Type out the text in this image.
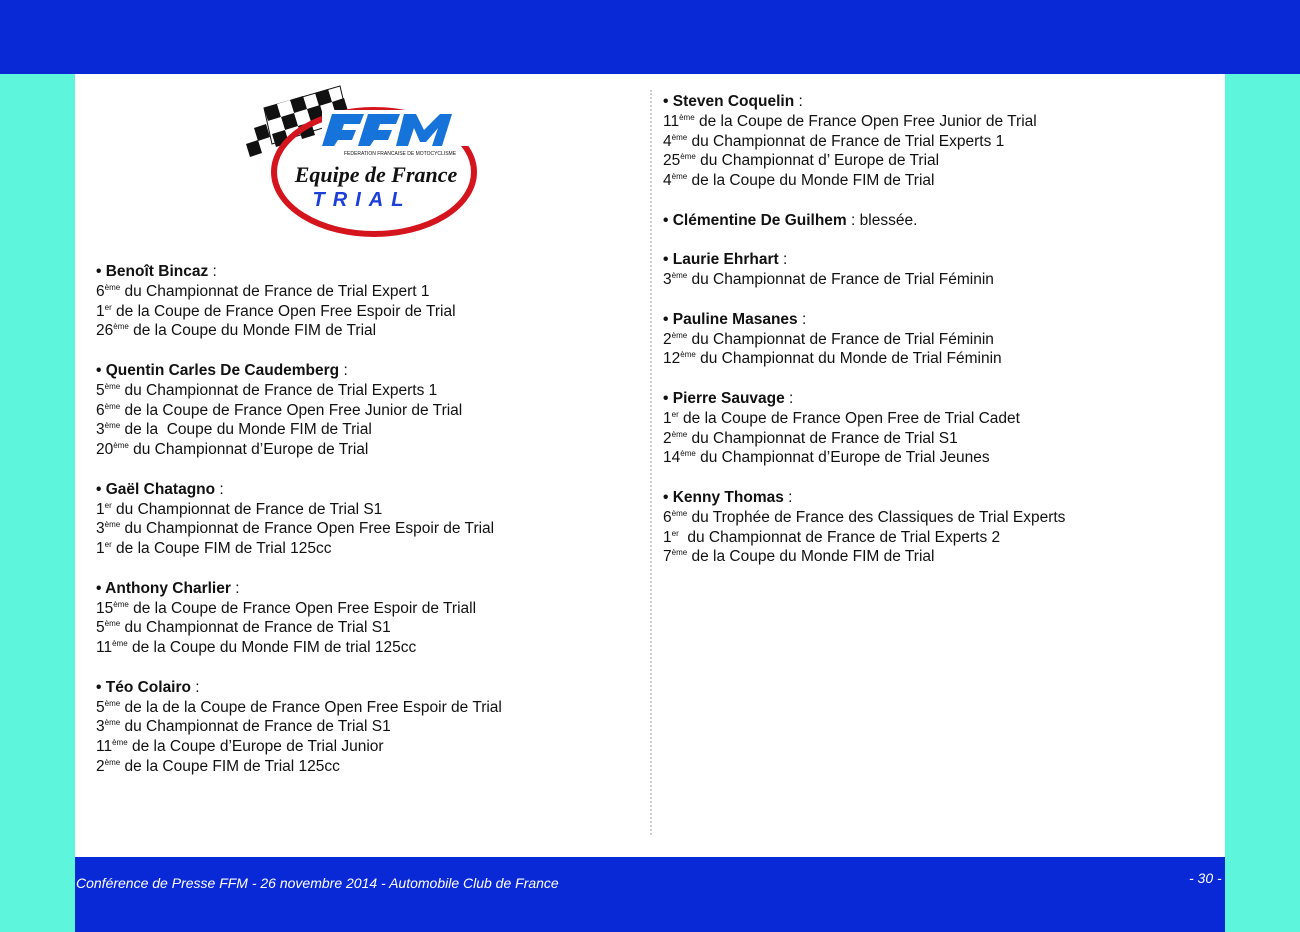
FEDERATION FRANCAISE DE MOTOCYCLISME
Equipe de France
TRIAL
• Benoît Bincaz :
6ème du Championnat de France de Trial Expert 1
1er de la Coupe de France Open Free Espoir de Trial
26ème de la Coupe du Monde FIM de Trial
• Quentin Carles De Caudemberg :
5ème du Championnat de France de Trial Experts 1
6ème de la Coupe de France Open Free Junior de Trial
3ème de la  Coupe du Monde FIM de Trial
20ème du Championnat d’Europe de Trial
• Gaël Chatagno :
1er du Championnat de France de Trial S1
3ème du Championnat de France Open Free Espoir de Trial
1er de la Coupe FIM de Trial 125cc
• Anthony Charlier :
15ème de la Coupe de France Open Free Espoir de Triall
5ème du Championnat de France de Trial S1
11ème de la Coupe du Monde FIM de trial 125cc
• Téo Colairo :
5ème de la de la Coupe de France Open Free Espoir de Trial
3ème du Championnat de France de Trial S1
11ème de la Coupe d’Europe de Trial Junior
2ème de la Coupe FIM de Trial 125cc
• Steven Coquelin :
11ème de la Coupe de France Open Free Junior de Trial
4ème du Championnat de France de Trial Experts 1
25ème du Championnat d’ Europe de Trial
4ème de la Coupe du Monde FIM de Trial
• Clémentine De Guilhem : blessée.
• Laurie Ehrhart :
3ème du Championnat de France de Trial Féminin
• Pauline Masanes :
2ème du Championnat de France de Trial Féminin
12ème du Championnat du Monde de Trial Féminin
• Pierre Sauvage :
1er de la Coupe de France Open Free de Trial Cadet
2ème du Championnat de France de Trial S1
14ème du Championnat d’Europe de Trial Jeunes
• Kenny Thomas :
6ème du Trophée de France des Classiques de Trial Experts
1er  du Championnat de France de Trial Experts 2
7ème de la Coupe du Monde FIM de Trial
Conférence de Presse FFM - 26 novembre 2014 - Automobile Club de France	- 30 -
